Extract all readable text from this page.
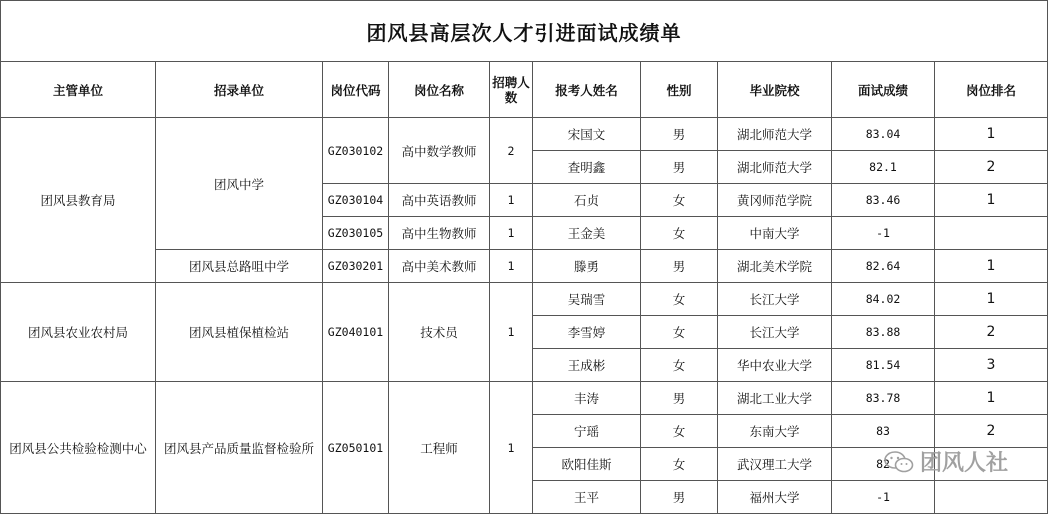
团风县高层次人才引进面试成绩单
主管单位	招录单位	岗位代码	岗位名称	招聘人数	报考人姓名	性别	毕业院校	面试成绩	岗位排名
团风县教育局	团风中学	GZ030102	高中数学教师	2	宋国文	男	湖北师范大学	83.04	1
					查明鑫	男	湖北师范大学	82.1	2
		GZ030104	高中英语教师	1	石贞	女	黄冈师范学院	83.46	1
		GZ030105	高中生物教师	1	王金美	女	中南大学	-1	
	团风县总路咀中学	GZ030201	高中美术教师	1	滕勇	男	湖北美术学院	82.64	1
团风县农业农村局	团风县植保植检站	GZ040101	技术员	1	吴瑞雪	女	长江大学	84.02	1
					李雪婷	女	长江大学	83.88	2
					王成彬	女	华中农业大学	81.54	3
团风县公共检验检测中心	团风县产品质量监督检验所	GZ050101	工程师	1	丰涛	男	湖北工业大学	83.78	1
					宁瑶	女	东南大学	83	2
					欧阳佳斯	女	武汉理工大学	82	
					王平	男	福州大学	-1	
团风人社
